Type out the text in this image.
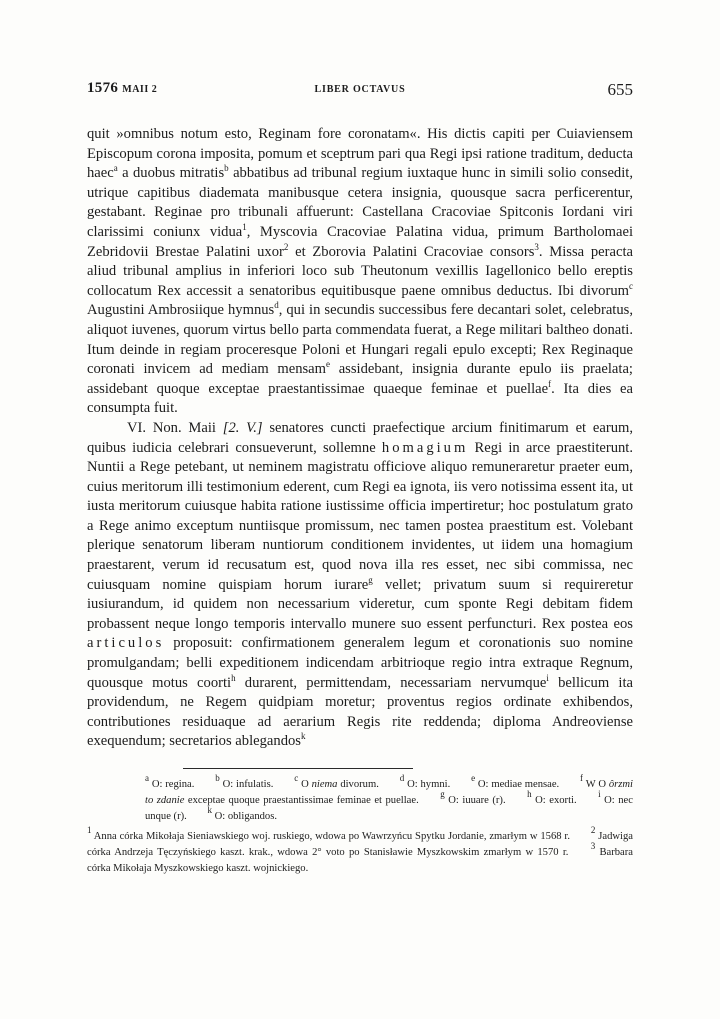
1576 MAII 2	LIBER OCTAVUS	655

quit »omnibus notum esto, Reginam fore coronatam«. His dictis capiti per Cuiaviensem Episcopum corona imposita, pomum et sceptrum pari qua Regi ipsi ratione traditum, deducta haec$^a$ a duobus mitratis$^b$ abbatibus ad tribunal regium iuxtaque hunc in simili solio consedit, utrique capitibus diademata manibusque cetera insignia, quousque sacra perficerentur, gestabant. Reginae pro tribunali affuerunt: Castellana Cracoviae Spitconis Iordani viri clarissimi coniunx vidua$^1$, Myscovia Cracoviae Palatina vidua, primum Bartholomaei Zebridovii Brestae Palatini uxor$^2$ et Zborovia Palatini Cracoviae consors$^3$. Missa peracta aliud tribunal amplius in inferiori loco sub Theutonum vexillis Iagellonico bello ereptis collocatum Rex accessit a senatoribus equitibusque paene omnibus deductus. Ibi divorum$^c$ Augustini Ambrosiique hymnus$^d$, qui in secundis successibus fere decantari solet, celebratus, aliquot iuvenes, quorum virtus bello parta commendata fuerat, a Rege militari baltheo donati. Itum deinde in regiam proceresque Poloni et Hungari regali epulo excepti; Rex Reginaque coronati invicem ad mediam mensam$^e$ assidebant, insignia durante epulo iis praelata; assidebant quoque exceptae praestantissimae quaeque feminae et puellae$^f$. Ita dies ea consumpta fuit.

VI. Non. Maii [2. V.] senatores cuncti praefectique arcium finitimarum et earum, quibus iudicia celebrari consueverunt, sollemne homagium Regi in arce praestiterunt. Nuntii a Rege petebant, ut neminem magistratu officiove aliquo remuneraretur praeter eum, cuius meritorum illi testimonium ederent, cum Regi ea ignota, iis vero notissima essent ita, ut iusta meritorum cuiusque habita ratione iustissime officia impertiretur; hoc postulatum grato a Rege animo exceptum nuntiisque promissum, nec tamen postea praestitum est. Volebant plerique senatorum liberam nuntiorum conditionem invidentes, ut iidem una homagium praestarent, verum id recusatum est, quod nova illa res esset, nec sibi commissa, nec cuiusquam nomine quispiam horum iurare$^g$ vellet; privatum suum si requireretur iusiurandum, id quidem non necessarium videretur, cum sponte Regi debitam fidem probassent neque longo temporis intervallo munere suo essent perfuncturi. Rex postea eos articulos proposuit: confirmationem generalem legum et coronationis suo nomine promulgandam; belli expeditionem indicendam arbitrioque regio intra extraque Regnum, quousque motus coorti$^h$ durarent, permittendam, necessariam nervumque$^i$ bellicum ita providendum, ne Regem quidpiam moretur; proventus regios ordinate exhibendos, contributiones residuaque ad aerarium Regis rite reddenda; diploma Andreoviense exequendum; secretarios ablegandos$^k$

$^a$ O: regina. $^b$ O: infulatis. $^c$ O niema divorum. $^d$ O: hymni. $^e$ O: mediae mensae. $^f$ W O ôrzmi to zdanie exceptae quoque praestantissimae feminae et puellae. $^g$ O: iuuare (r). $^h$ O: exorti. $^i$ O: nec unque (r). $^k$ O: obligandos.

$^1$ Anna córka Mikołaja Sieniawskiego woj. ruskiego, wdowa po Wawrzyńcu Spytku Jordanie, zmarłym w 1568 r. $^2$ Jadwiga córka Andrzeja Tęczyńskiego kaszt. krak., wdowa 2° voto po Stanisławie Myszkowskim zmarłym w 1570 r. $^3$ Barbara córka Mikołaja Myszkowskiego kaszt. wojnickiego.
